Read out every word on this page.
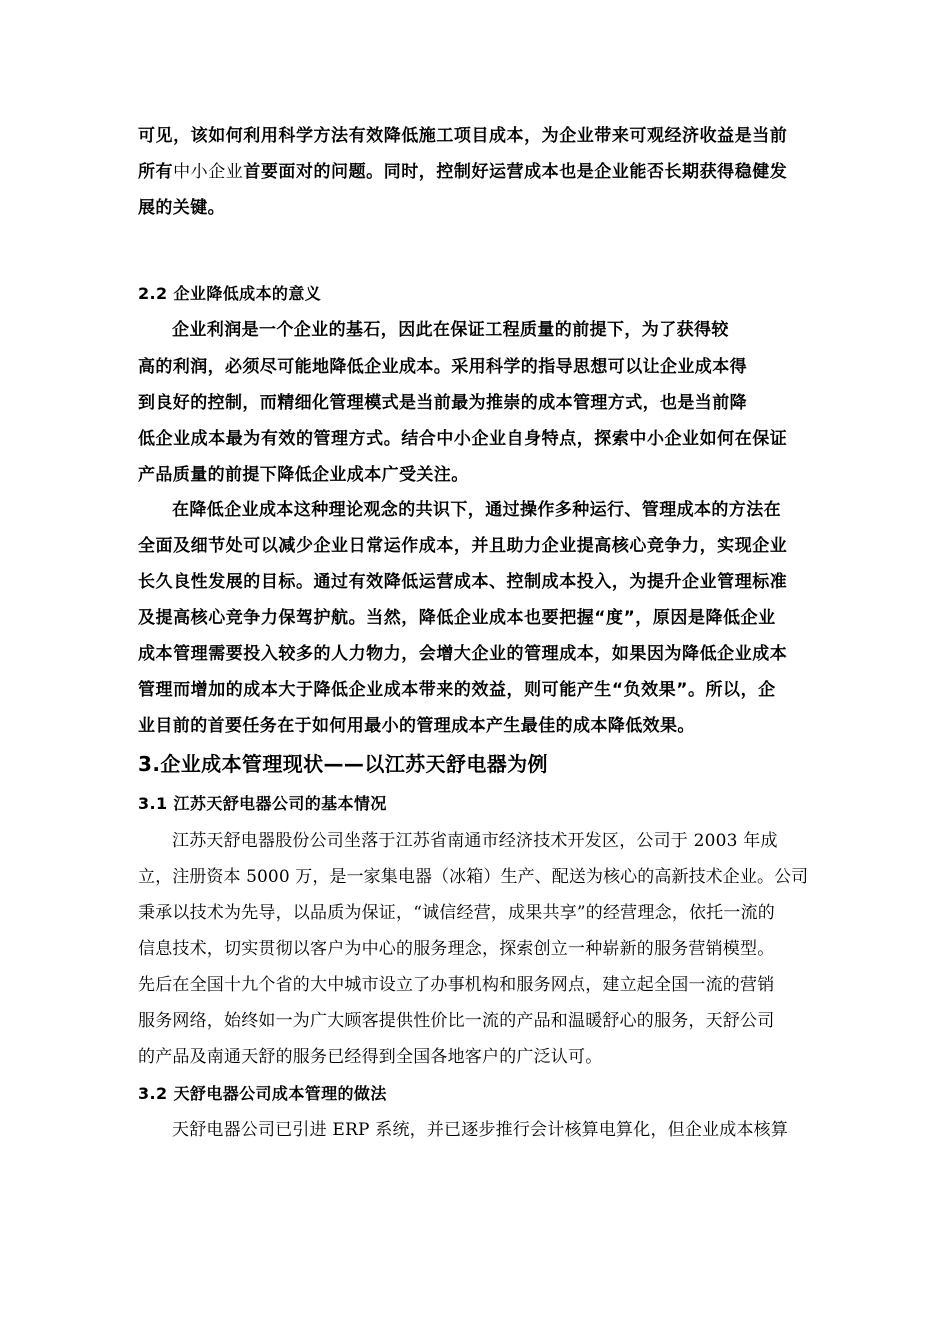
可见，该如何利用科学方法有效降低施工项目成本，为企业带来可观经济收益是当前
所有中小企业首要面对的问题。同时，控制好运营成本也是企业能否长期获得稳健发
展的关键。
2.2 企业降低成本的意义
企业利润是一个企业的基石，因此在保证工程质量的前提下，为了获得较
高的利润，必须尽可能地降低企业成本。采用科学的指导思想可以让企业成本得
到良好的控制，而精细化管理模式是当前最为推崇的成本管理方式，也是当前降
低企业成本最为有效的管理方式。结合中小企业自身特点，探索中小企业如何在保证
产品质量的前提下降低企业成本广受关注。
在降低企业成本这种理论观念的共识下，通过操作多种运行、管理成本的方法在
全面及细节处可以减少企业日常运作成本，并且助力企业提高核心竞争力，实现企业
长久良性发展的目标。通过有效降低运营成本、控制成本投入，为提升企业管理标准
及提高核心竞争力保驾护航。当然，降低企业成本也要把握“度”，原因是降低企业
成本管理需要投入较多的人力物力，会增大企业的管理成本，如果因为降低企业成本
管理而增加的成本大于降低企业成本带来的效益，则可能产生“负效果”。所以，企
业目前的首要任务在于如何用最小的管理成本产生最佳的成本降低效果。
3.企业成本管理现状——以江苏天舒电器为例
3.1 江苏天舒电器公司的基本情况
江苏天舒电器股份公司坐落于江苏省南通市经济技术开发区，公司于 2003 年成
立，注册资本 5000 万，是一家集电器（冰箱）生产、配送为核心的高新技术企业。公司
秉承以技术为先导，以品质为保证，“诚信经营，成果共享”的经营理念，依托一流的
信息技术，切实贯彻以客户为中心的服务理念，探索创立一种崭新的服务营销模型。
先后在全国十九个省的大中城市设立了办事机构和服务网点，建立起全国一流的营销
服务网络，始终如一为广大顾客提供性价比一流的产品和温暖舒心的服务，天舒公司
的产品及南通天舒的服务已经得到全国各地客户的广泛认可。
3.2 天舒电器公司成本管理的做法
天舒电器公司已引进 ERP 系统，并已逐步推行会计核算电算化，但企业成本核算
